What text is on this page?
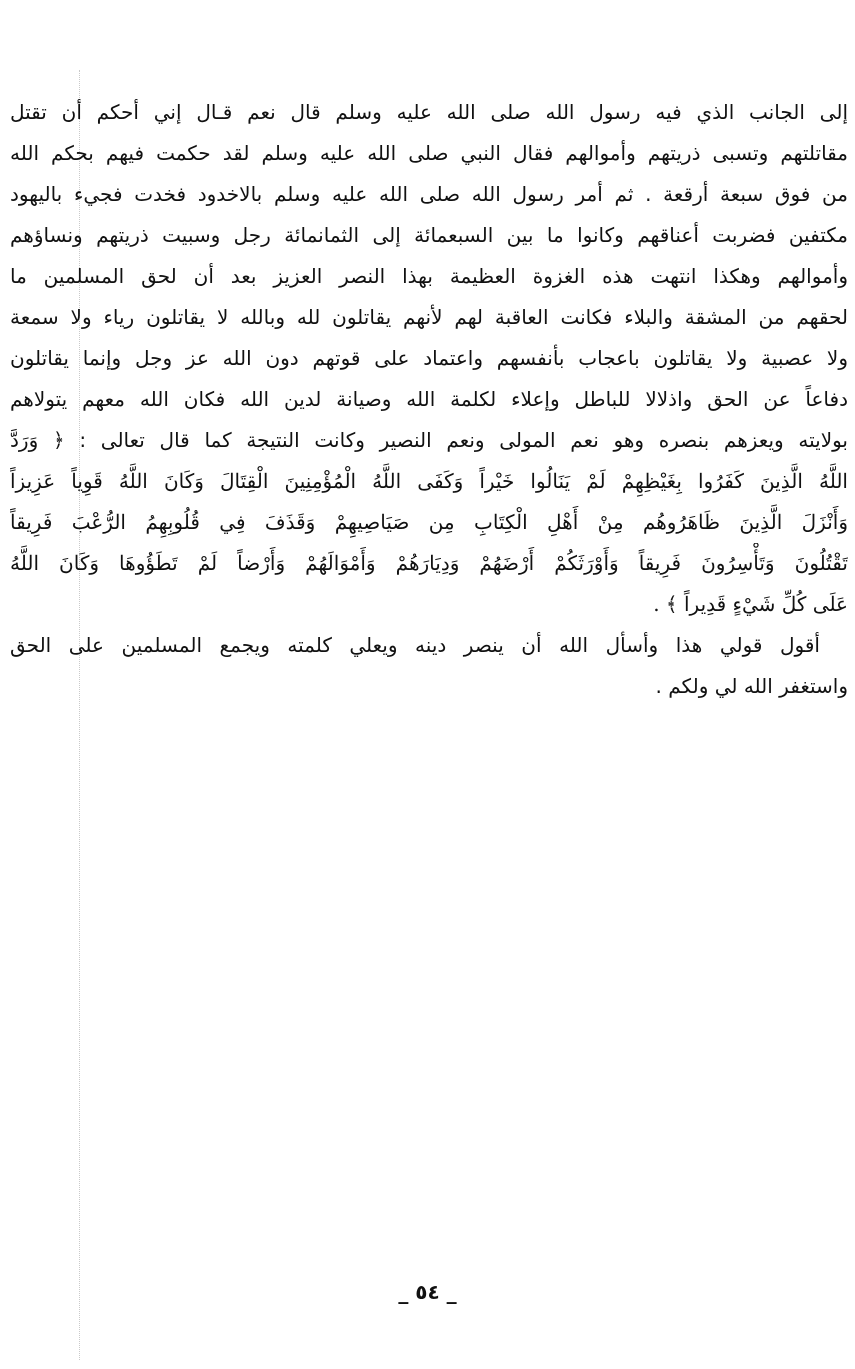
إلى الجانب الذي فيه رسول الله صلى الله عليه وسلم قال نعم قـال إني أحكم أن تقتل
مقاتلتهم وتسبى ذريتهم وأموالهم فقال النبي صلى الله عليه وسلم لقد حكمت فيهم بحكم الله
من فوق سبعة أرقعة . ثم أمر رسول الله صلى الله عليه وسلم بالاخدود فخدت فجيء باليهود
مكتفين فضربت أعناقهم وكانوا ما بين السبعمائة إلى الثمانمائة رجل وسبيت ذريتهم ونساؤهم
وأموالهم وهكذا انتهت هذه الغزوة العظيمة بهذا النصر العزيز بعد أن لحق المسلمين ما
لحقهم من المشقة والبلاء فكانت العاقبة لهم لأنهم يقاتلون لله وبالله لا يقاتلون رياء ولا سمعة
ولا عصبية ولا يقاتلون باعجاب بأنفسهم واعتماد على قوتهم دون الله عز وجل وإنما يقاتلون
دفاعاً عن الحق واذلالا للباطل وإعلاء لكلمة الله وصيانة لدين الله فكان الله معهم يتولاهم
بولايته ويعزهم بنصره وهو نعم المولى ونعم النصير وكانت النتيجة كما قال تعالى : ﴿ وَرَدَّ
اللَّهُ الَّذِينَ كَفَرُوا بِغَيْظِهِمْ لَمْ يَنَالُوا خَيْراً وَكَفَى اللَّهُ الْمُؤْمِنِينَ الْقِتَالَ وَكَانَ اللَّهُ قَوِياً عَزِيزاً
وَأَنْزَلَ الَّذِينَ ظَاهَرُوهُم مِنْ أَهْلِ الْكِتَابِ مِن صَيَاصِيهِمْ وَقَذَفَ فِي قُلُوبِهِمُ الرُّعْبَ فَرِيقاً
تَقْتُلُونَ وَتَأْسِرُونَ فَرِيقاً وَأَوْرَثَكُمْ أَرْضَهُمْ وَدِيَارَهُمْ وَأَمْوَالَهُمْ وَأَرْضاً لَمْ تَطَؤُوهَا وَكَانَ اللَّهُ
عَلَى كُلِّ شَيْءٍ قَدِيراً ﴾ .
أقول قولي هذا وأسأل الله أن ينصر دينه ويعلي كلمته ويجمع المسلمين على الحق
واستغفر الله لي ولكم .
_ ٥٤ _
